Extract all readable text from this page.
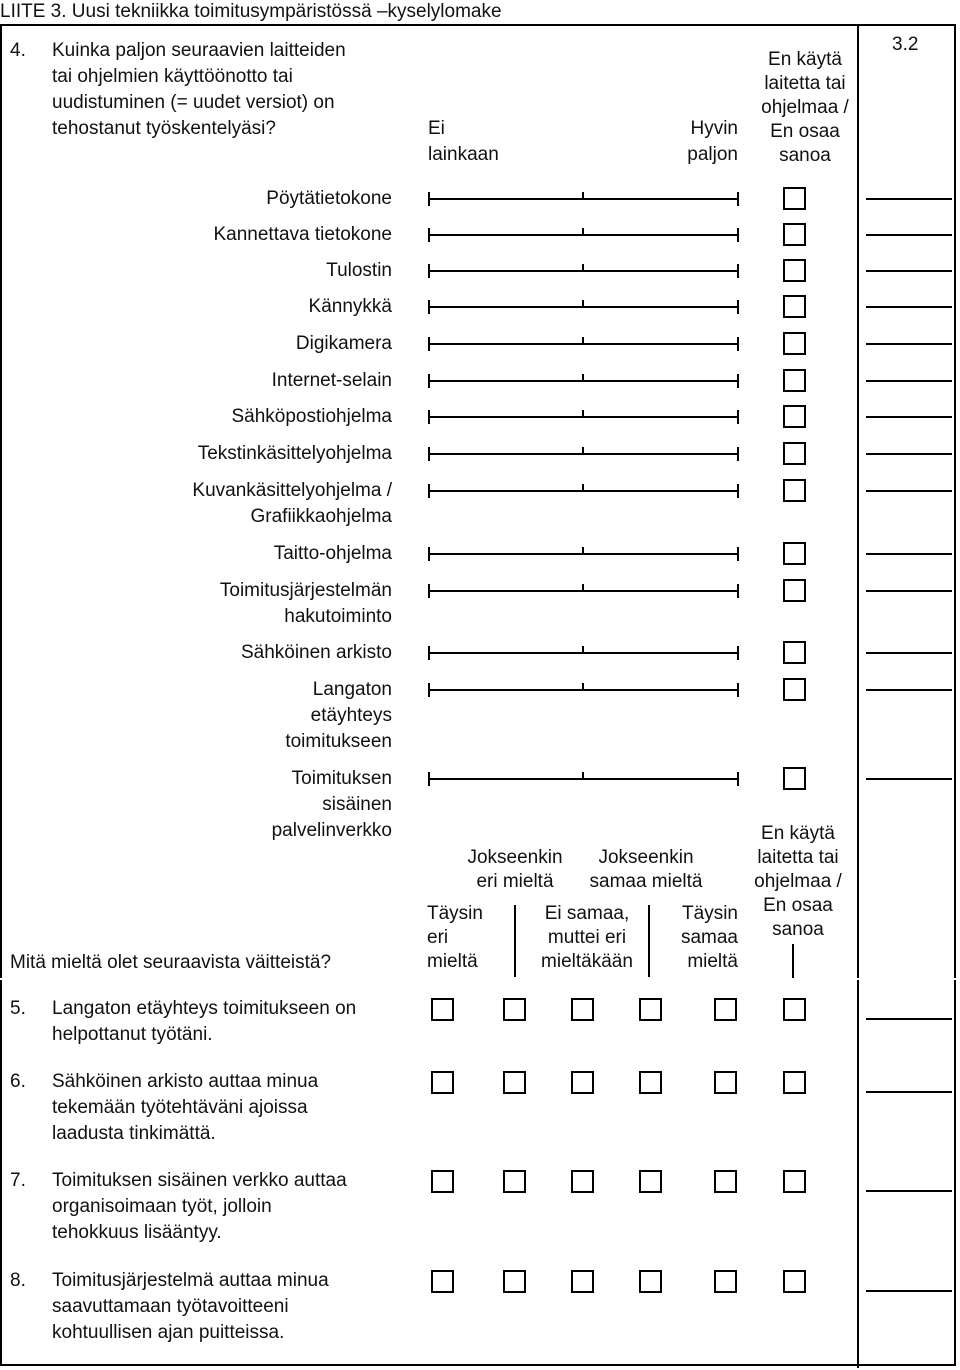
LIITE 3. Uusi tekniikka toimitusympäristössä –kyselylomake
3.2
4. Kuinka paljon seuraavien laitteiden
tai ohjelmien käyttöönotto tai
uudistuminen (= uudet versiot) on
tehostanut työskentelyäsi?	Ei
lainkaan
Hyvin
paljon
En käytä
laitetta tai
ohjelmaa /
En osaa
sanoa
Pöytätietokone
Kannettava tietokone
Tulostin
Kännykkä
Digikamera
Internet-selain
Sähköpostiohjelma
Tekstinkäsittelyohjelma
Kuvankäsittelyohjelma /
Grafiikkaohjelma
Taitto-ohjelma
Toimitusjärjestelmän
hakutoiminto
Sähköinen arkisto
Langaton
etäyhteys
toimitukseen
Toimituksen
sisäinen
palvelinverkko
Mitä mieltä olet seuraavista väitteistä?
Täysin
eri
mieltä
Jokseenkin
eri mieltä
Ei samaa,
muttei eri
mieltäkään
Jokseenkin
samaa mieltä
Täysin
samaa
mieltä
En käytä
laitetta tai
ohjelmaa /
En osaa
sanoa
5. Langaton etäyhteys toimitukseen on
helpottanut työtäni.
6. Sähköinen arkisto auttaa minua
tekemään työtehtäväni ajoissa
laadusta tinkimättä.
7. Toimituksen sisäinen verkko auttaa
organisoimaan työt, jolloin
tehokkuus lisääntyy.
8. Toimitusjärjestelmä auttaa minua
saavuttamaan työtavoitteeni
kohtuullisen ajan puitteissa.
